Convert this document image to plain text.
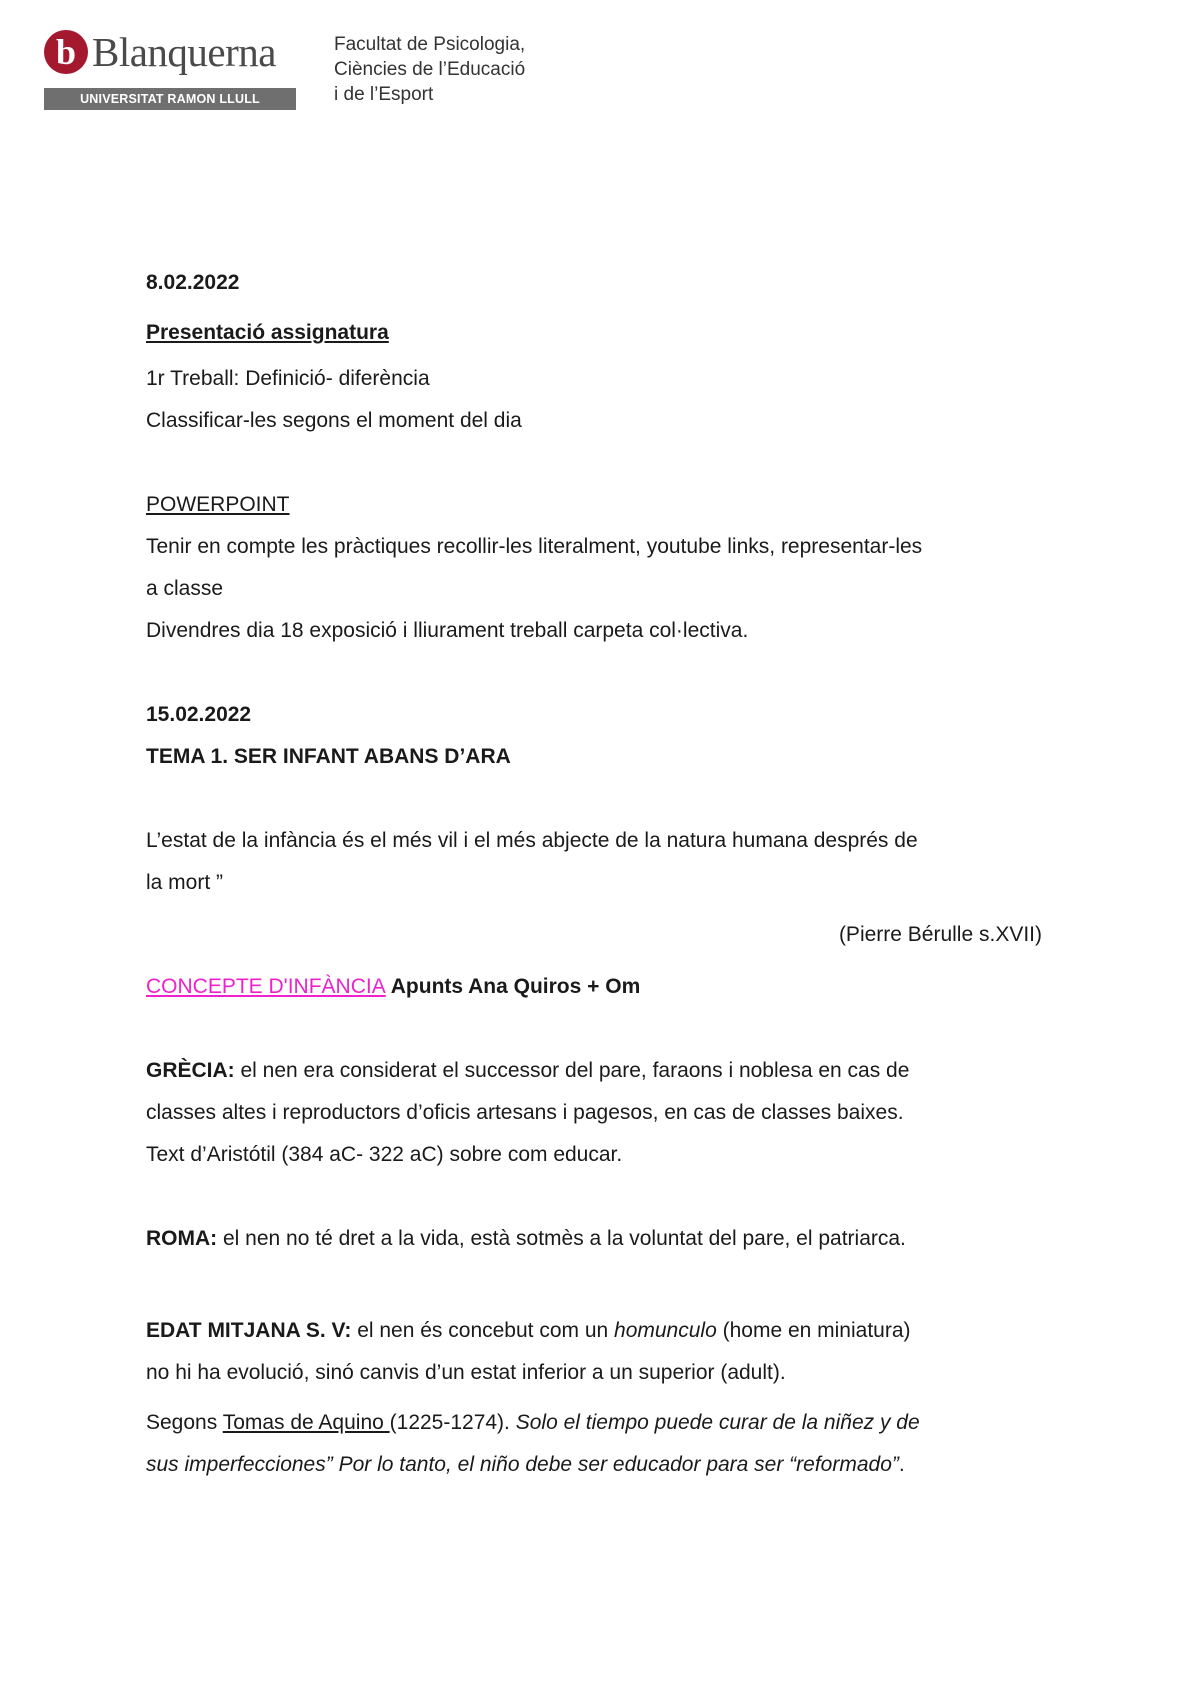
b Blanquerna
UNIVERSITAT RAMON LLULL
Facultat de Psicologia,
Ciències de l’Educació
i de l’Esport
8.02.2022
Presentació assignatura
1r Treball: Definició- diferència
Classificar-les segons el moment del dia
POWERPOINT
Tenir en compte les pràctiques recollir-les literalment, youtube links, representar-les
a classe
Divendres dia 18 exposició i lliurament treball carpeta col·lectiva.
15.02.2022
TEMA 1. SER INFANT ABANS D’ARA
L’estat de la infància és el més vil i el més abjecte de la natura humana després de
la mort ”
(Pierre Bérulle s.XVII)
CONCEPTE D'INFÀNCIA Apunts Ana Quiros + Om
GRÈCIA: el nen era considerat el successor del pare, faraons i noblesa en cas de
classes altes i reproductors d’oficis artesans i pagesos, en cas de classes baixes.
Text d’Aristótil (384 aC- 322 aC) sobre com educar.
ROMA: el nen no té dret a la vida, està sotmès a la voluntat del pare, el patriarca.
EDAT MITJANA S. V: el nen és concebut com un homunculo (home en miniatura)
no hi ha evolució, sinó canvis d’un estat inferior a un superior (adult).
Segons Tomas de Aquino (1225-1274). Solo el tiempo puede curar de la niñez y de
sus imperfecciones” Por lo tanto, el niño debe ser educador para ser “reformado”.
